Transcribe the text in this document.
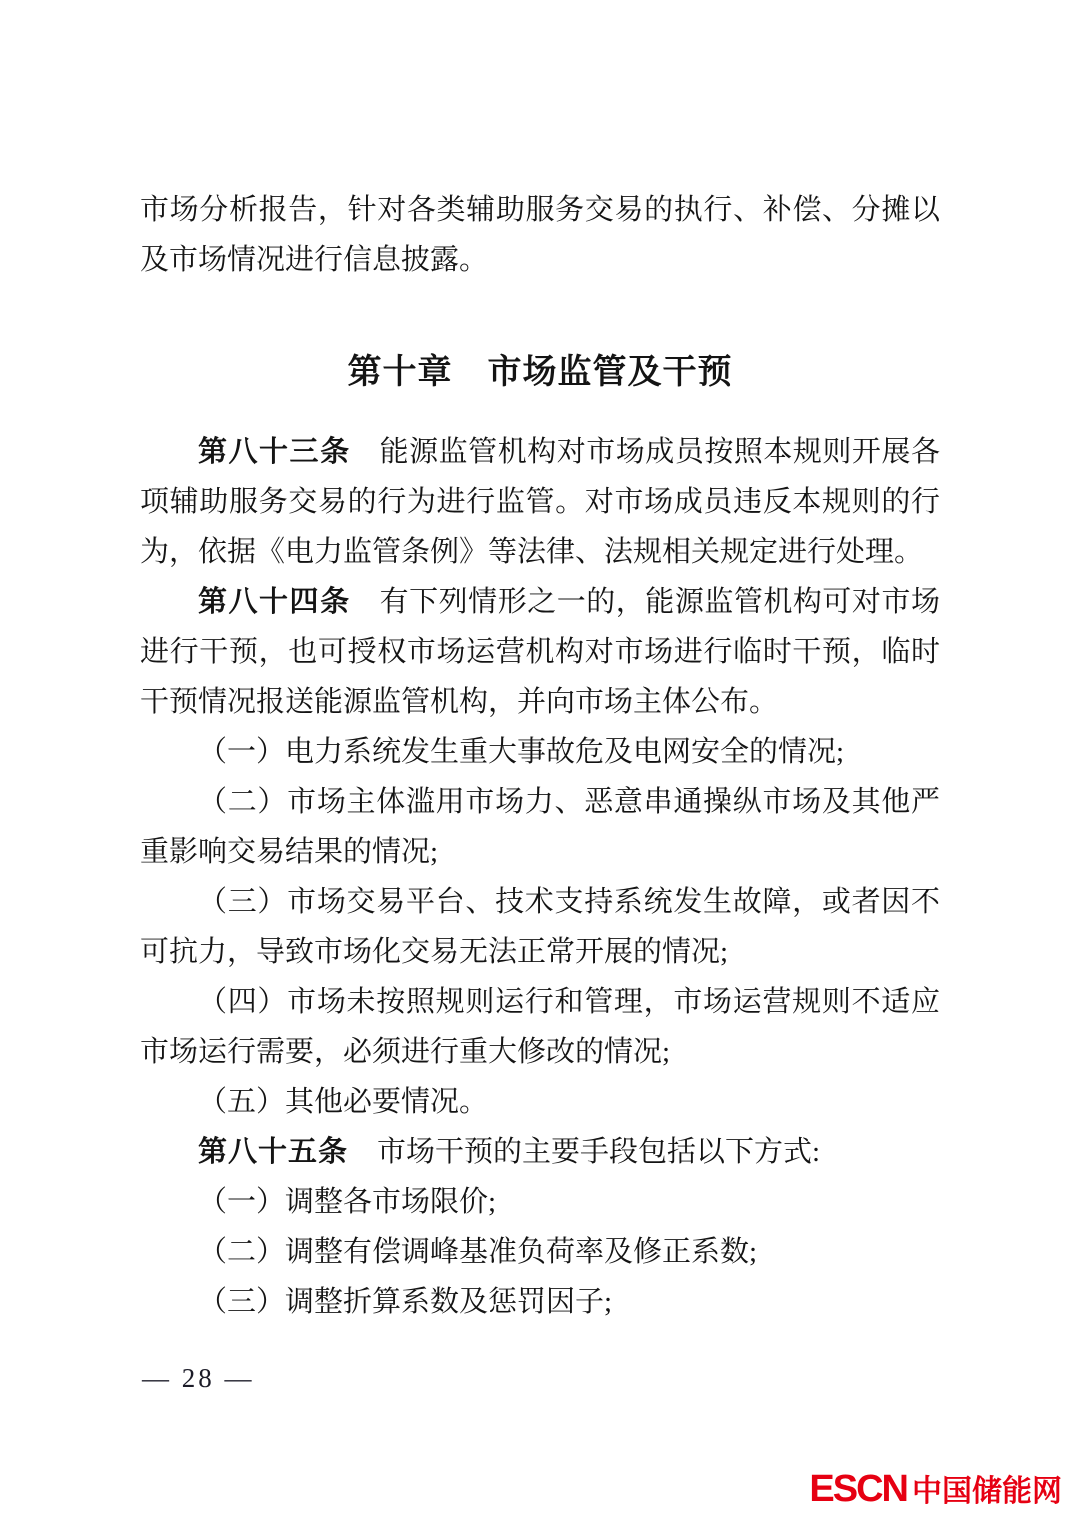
市场分析报告，针对各类辅助服务交易的执行、补偿、分摊以及市场情况进行信息披露。

第十章　市场监管及干预

第八十三条 能源监管机构对市场成员按照本规则开展各项辅助服务交易的行为进行监管。对市场成员违反本规则的行为，依据《电力监管条例》等法律、法规相关规定进行处理。

第八十四条 有下列情形之一的，能源监管机构可对市场进行干预，也可授权市场运营机构对市场进行临时干预，临时干预情况报送能源监管机构，并向市场主体公布。

（一）电力系统发生重大事故危及电网安全的情况;

（二）市场主体滥用市场力、恶意串通操纵市场及其他严重影响交易结果的情况;

（三）市场交易平台、技术支持系统发生故障，或者因不可抗力，导致市场化交易无法正常开展的情况;

（四）市场未按照规则运行和管理，市场运营规则不适应市场运行需要，必须进行重大修改的情况;

（五）其他必要情况。

第八十五条 市场干预的主要手段包括以下方式:

（一）调整各市场限价;

（二）调整有偿调峰基准负荷率及修正系数;

（三）调整折算系数及惩罚因子;

— 28 —
ESCN 中国储能网
